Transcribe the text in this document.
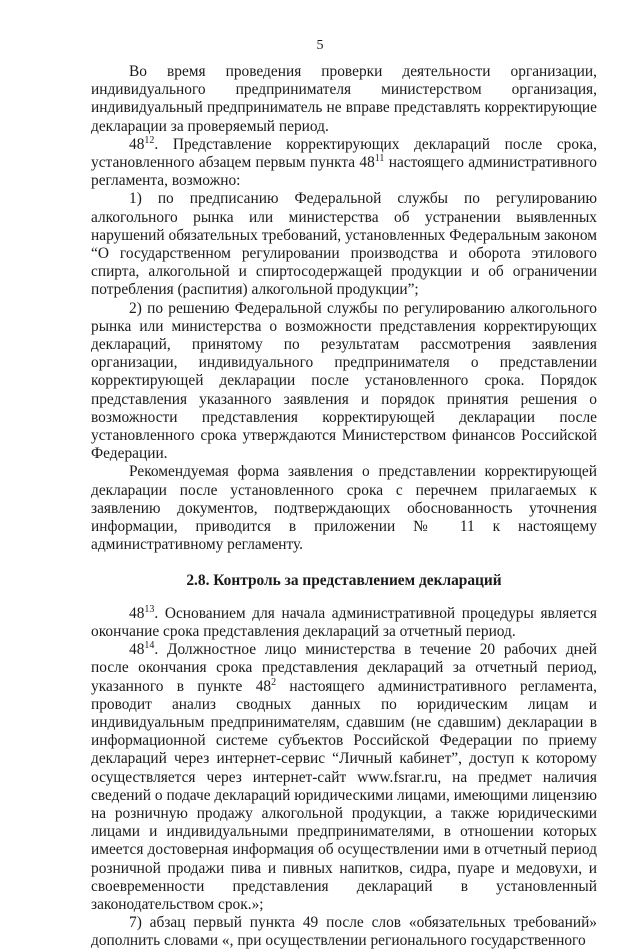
5

Во время проведения проверки деятельности организации, индивидуального предпринимателя министерством организация, индивидуальный предприниматель не вправе представлять корректирующие декларации за проверяемый период.

$48^{12}$. Представление корректирующих деклараций после срока, установленного абзацем первым пункта $48^{11}$ настоящего административного регламента, возможно:

1) по предписанию Федеральной службы по регулированию алкогольного рынка или министерства об устранении выявленных нарушений обязательных требований, установленных Федеральным законом “О государственном регулировании производства и оборота этилового спирта, алкогольной и спиртосодержащей продукции и об ограничении потребления (распития) алкогольной продукции”;

2) по решению Федеральной службы по регулированию алкогольного рынка или министерства о возможности представления корректирующих деклараций, принятому по результатам рассмотрения заявления организации, индивидуального предпринимателя о представлении корректирующей декларации после установленного срока. Порядок представления указанного заявления и порядок принятия решения о возможности представления корректирующей декларации после установленного срока утверждаются Министерством финансов Российской Федерации.

Рекомендуемая форма заявления о представлении корректирующей декларации после установленного срока с перечнем прилагаемых к заявлению документов, подтверждающих обоснованность уточнения информации, приводится в приложении № 11 к настоящему административному регламенту.

2.8. Контроль за представлением деклараций

$48^{13}$. Основанием для начала административной процедуры является окончание срока представления деклараций за отчетный период.

$48^{14}$. Должностное лицо министерства в течение 20 рабочих дней после окончания срока представления деклараций за отчетный период, указанного в пункте $48^2$ настоящего административного регламента, проводит анализ сводных данных по юридическим лицам и индивидуальным предпринимателям, сдавшим (не сдавшим) декларации в информационной системе субъектов Российской Федерации по приему деклараций через интернет-сервис “Личный кабинет”, доступ к которому осуществляется через интернет-сайт www.fsrar.ru, на предмет наличия сведений о подаче деклараций юридическими лицами, имеющими лицензию на розничную продажу алкогольной продукции, а также юридическими лицами и индивидуальными предпринимателями, в отношении которых имеется достоверная информация об осуществлении ими в отчетный период розничной продажи пива и пивных напитков, сидра, пуаре и медовухи, и своевременности представления деклараций в установленный законодательством срок.»;

7) абзац первый пункта 49 после слов «обязательных требований» дополнить словами «, при осуществлении регионального государственного
